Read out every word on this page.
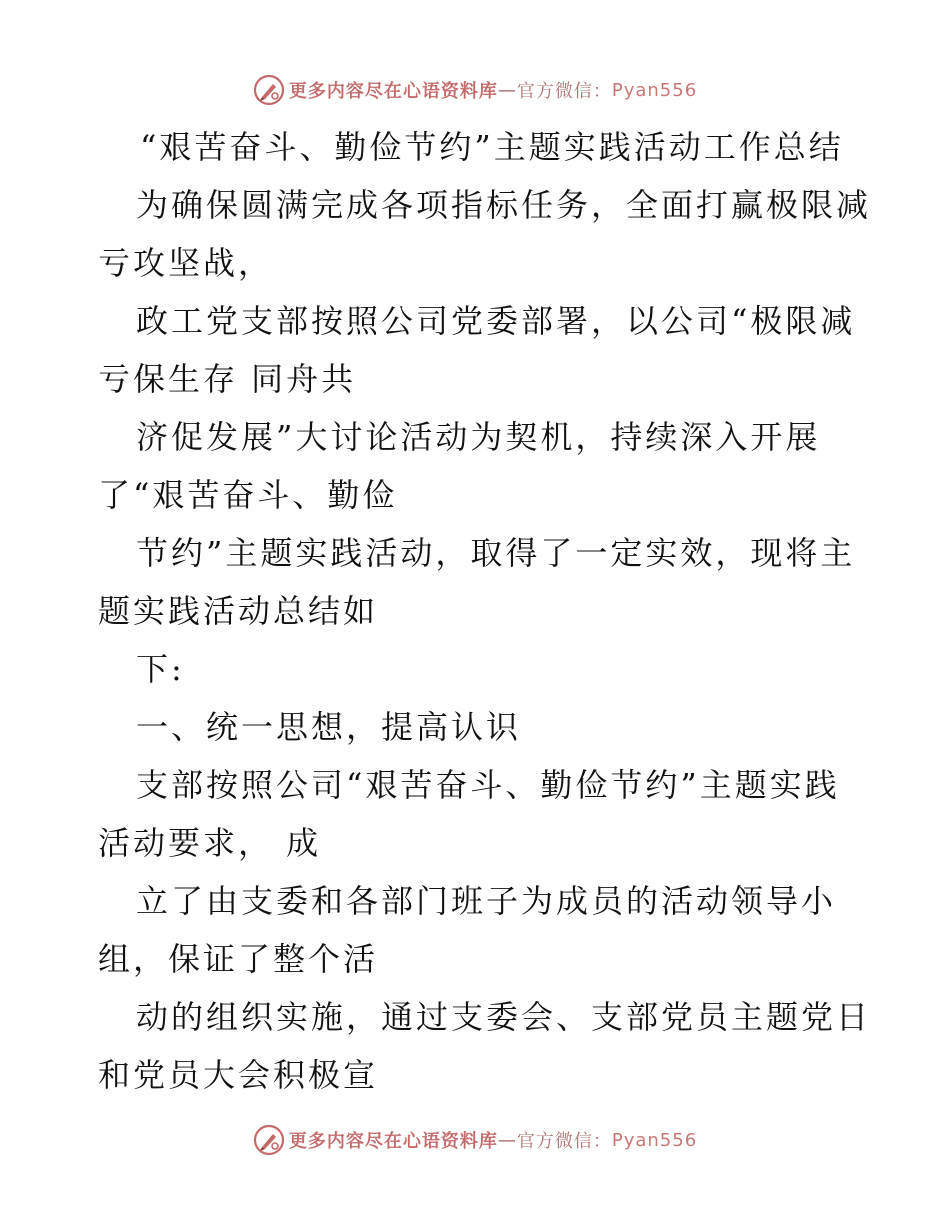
更多内容尽在心语资料库 — 官方微信： Pyan556
“艰苦奋斗、勤俭节约”主题实践活动工作总结
为确保圆满完成各项指标任务，全面打赢极限减
亏攻坚战，
政工党支部按照公司党委部署，以公司“极限减
亏保生存 同舟共
济促发展”大讨论活动为契机，持续深入开展
了“艰苦奋斗、勤俭
节约”主题实践活动，取得了一定实效，现将主
题实践活动总结如
下:
一、统一思想，提高认识
支部按照公司“艰苦奋斗、勤俭节约”主题实践
活动要求， 成
立了由支委和各部门班子为成员的活动领导小
组，保证了整个活
动的组织实施，通过支委会、支部党员主题党日
和党员大会积极宣
更多内容尽在心语资料库 — 官方微信： Pyan556
